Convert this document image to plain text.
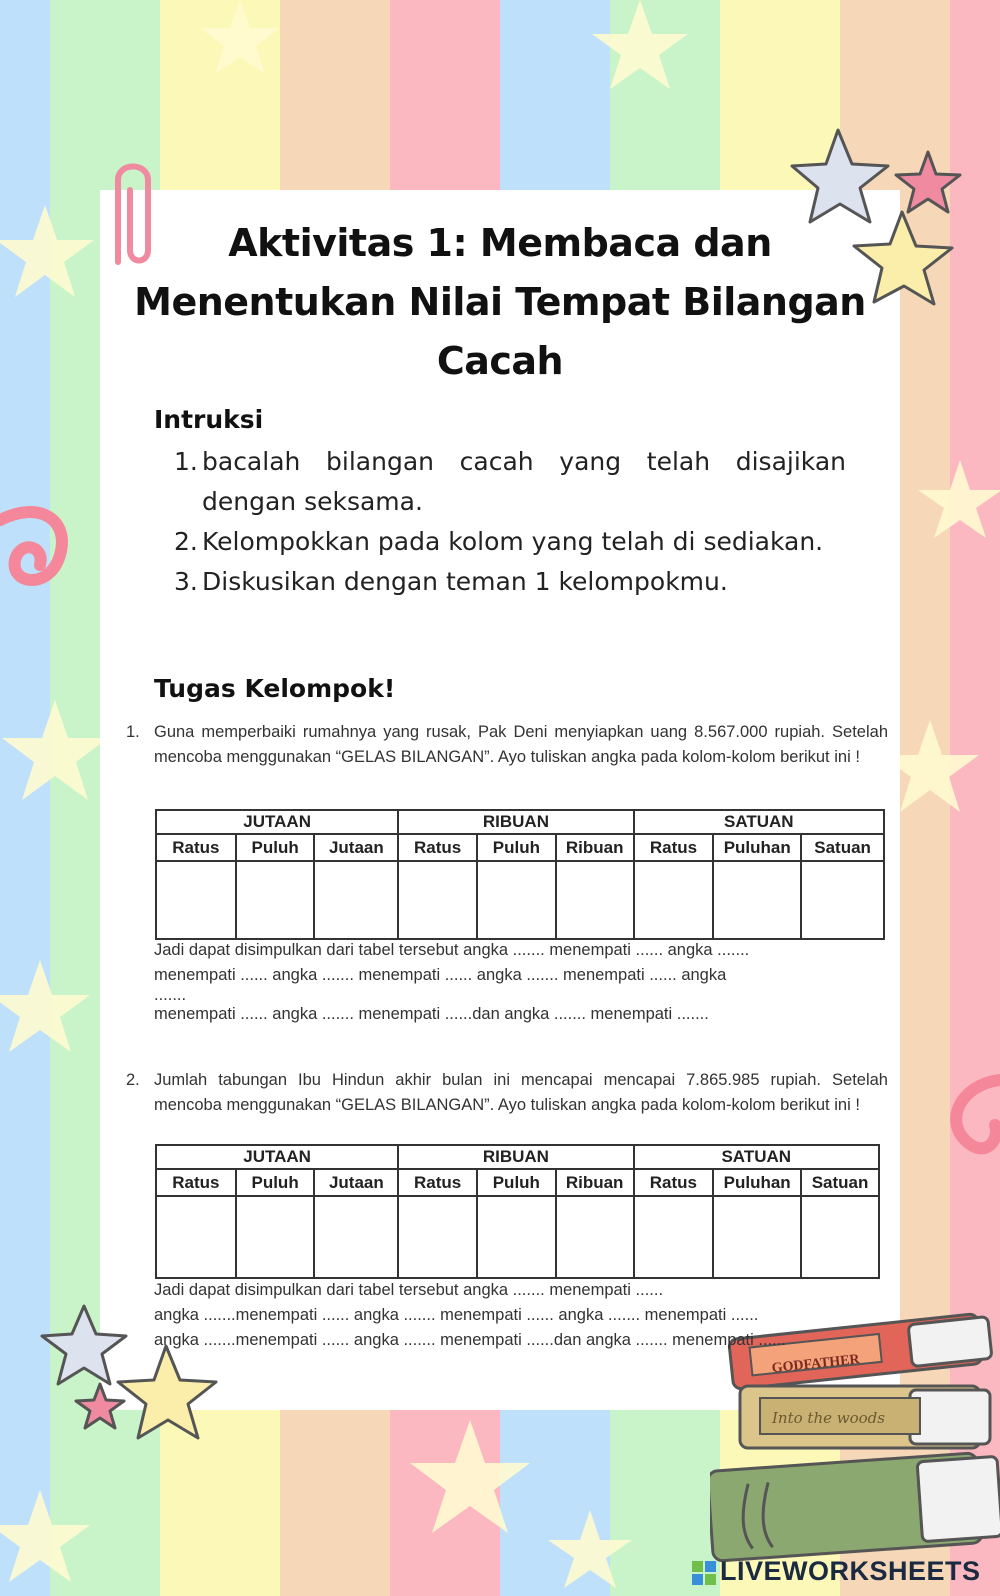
GODFATHER
Into the woods
Aktivitas 1: Membaca dan Menentukan Nilai Tempat Bilangan Cacah
Intruksi
1. bacalah bilangan cacah yang telah disajikan dengan seksama.
2. Kelompokkan pada kolom yang telah di sediakan.
3. Diskusikan dengan teman 1 kelompokmu.
Tugas Kelompok!
1. Guna memperbaiki rumahnya yang rusak, Pak Deni menyiapkan uang 8.567.000 rupiah. Setelah mencoba menggunakan “GELAS BILANGAN”. Ayo tuliskan angka pada kolom-kolom berikut ini !
JUTAAN			RIBUAN			SATUAN		
Ratus	Puluh	Jutaan	Ratus	Puluh	Ribuan	Ratus	Puluhan	Satuan

Jadi dapat disimpulkan dari tabel tersebut angka ....... menempati ...... angka .......
menempati ...... angka ....... menempati ...... angka ....... menempati ...... angka
.......
menempati ...... angka ....... menempati ......dan angka ....... menempati .......
2. Jumlah tabungan Ibu Hindun akhir bulan ini mencapai mencapai 7.865.985 rupiah. Setelah mencoba menggunakan “GELAS BILANGAN”. Ayo tuliskan angka pada kolom-kolom berikut ini !
JUTAAN			RIBUAN			SATUAN		
Ratus	Puluh	Jutaan	Ratus	Puluh	Ribuan	Ratus	Puluhan	Satuan

Jadi dapat disimpulkan dari tabel tersebut angka ....... menempati ......
angka .......menempati ...... angka ....... menempati ...... angka ....... menempati ......
angka .......menempati ...... angka ....... menempati ......dan angka ....... menempati ......
LIVEWORKSHEETS
